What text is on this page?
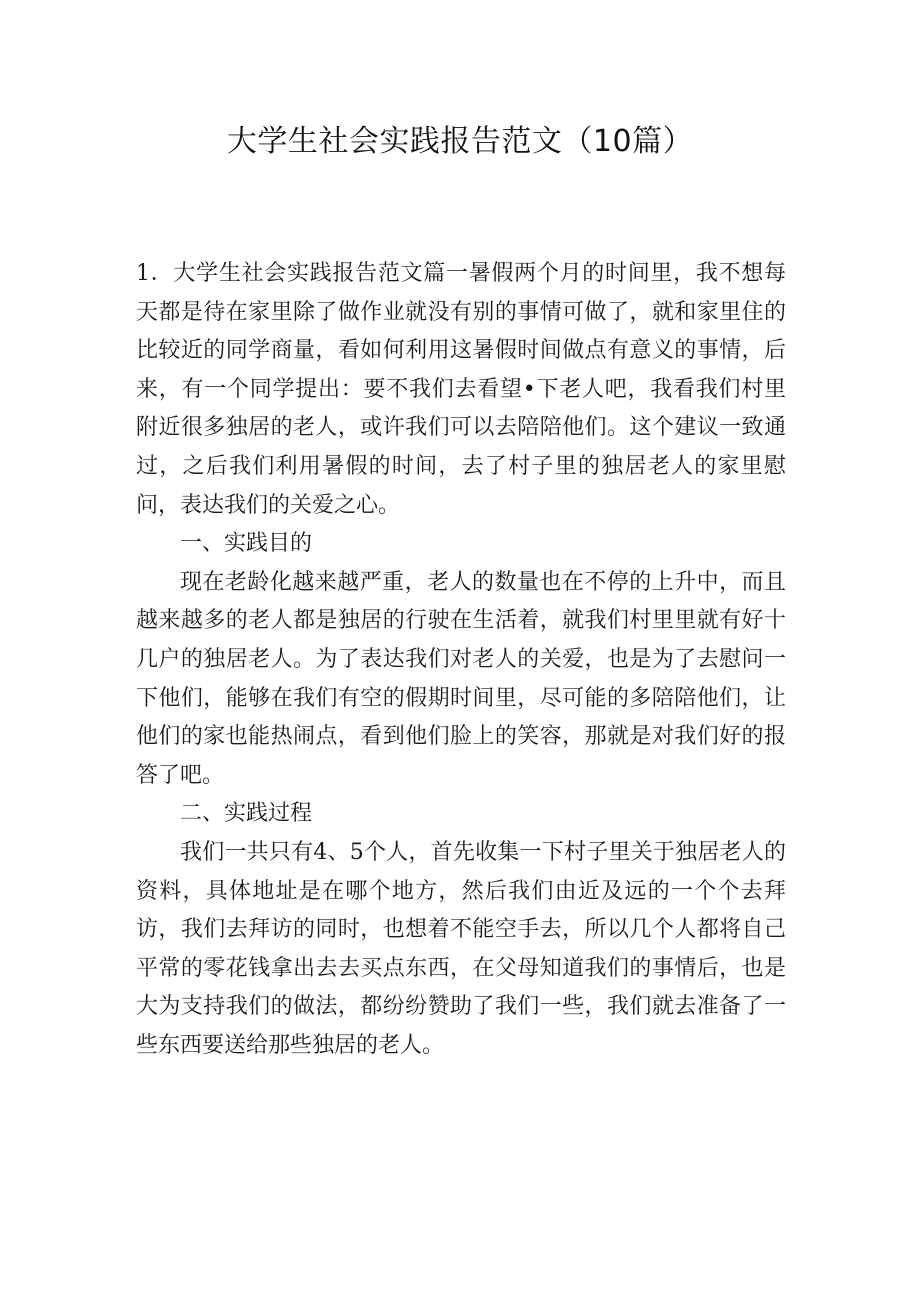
大学生社会实践报告范文（10篇）

1．大学生社会实践报告范文篇一暑假两个月的时间里，我不想每天都是待在家里除了做作业就没有别的事情可做了，就和家里住的比较近的同学商量，看如何利用这暑假时间做点有意义的事情，后来，有一个同学提出：要不我们去看望•下老人吧，我看我们村里附近很多独居的老人，或许我们可以去陪陪他们。这个建议一致通过，之后我们利用暑假的时间，去了村子里的独居老人的家里慰问，表达我们的关爱之心。

一、实践目的

现在老龄化越来越严重，老人的数量也在不停的上升中，而且越来越多的老人都是独居的行驶在生活着，就我们村里里就有好十几户的独居老人。为了表达我们对老人的关爱，也是为了去慰问一下他们，能够在我们有空的假期时间里，尽可能的多陪陪他们，让他们的家也能热闹点，看到他们脸上的笑容，那就是对我们好的报答了吧。

二、实践过程

我们一共只有4、5个人，首先收集一下村子里关于独居老人的资料，具体地址是在哪个地方，然后我们由近及远的一个个去拜访，我们去拜访的同时，也想着不能空手去，所以几个人都将自己平常的零花钱拿出去去买点东西，在父母知道我们的事情后，也是大为支持我们的做法，都纷纷赞助了我们一些，我们就去准备了一些东西要送给那些独居的老人。
